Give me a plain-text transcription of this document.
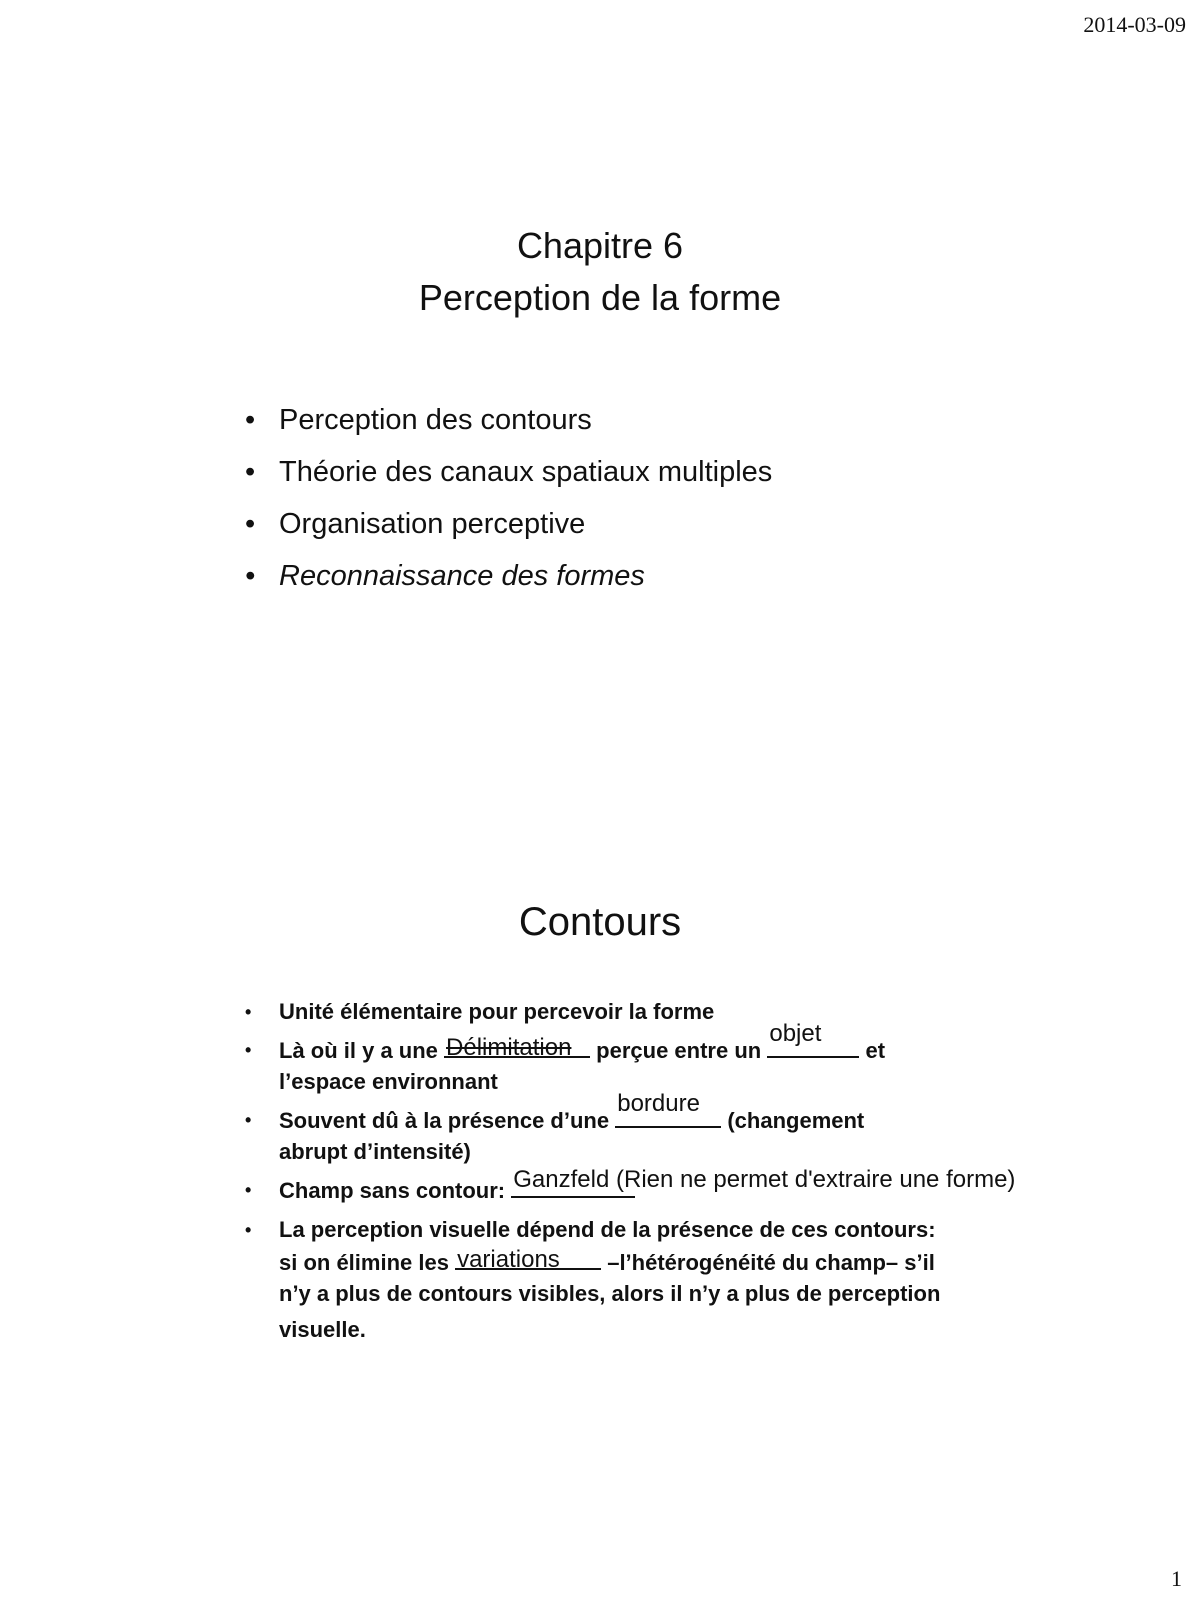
2014-03-09
Chapitre 6
Perception de la forme
• Perception des contours
• Théorie des canaux spatiaux multiples
• Organisation perceptive
• Reconnaissance des formes
Contours
• Unité élémentaire pour percevoir la forme
• Là où il y a une Délimitation perçue entre un
objet
et
l’espace environnant
• Souvent dû à la présence d’une
bordure
(changement
abrupt d’intensité)
• Champ sans contour: Ganzfeld (Rien ne permet d'extraire une forme)
• La perception visuelle dépend de la présence de ces contours:
si on élimine les variations –l’hétérogénéité du champ– s’il
n’y a plus de contours visibles, alors il n’y a plus de perception
visuelle.
1
